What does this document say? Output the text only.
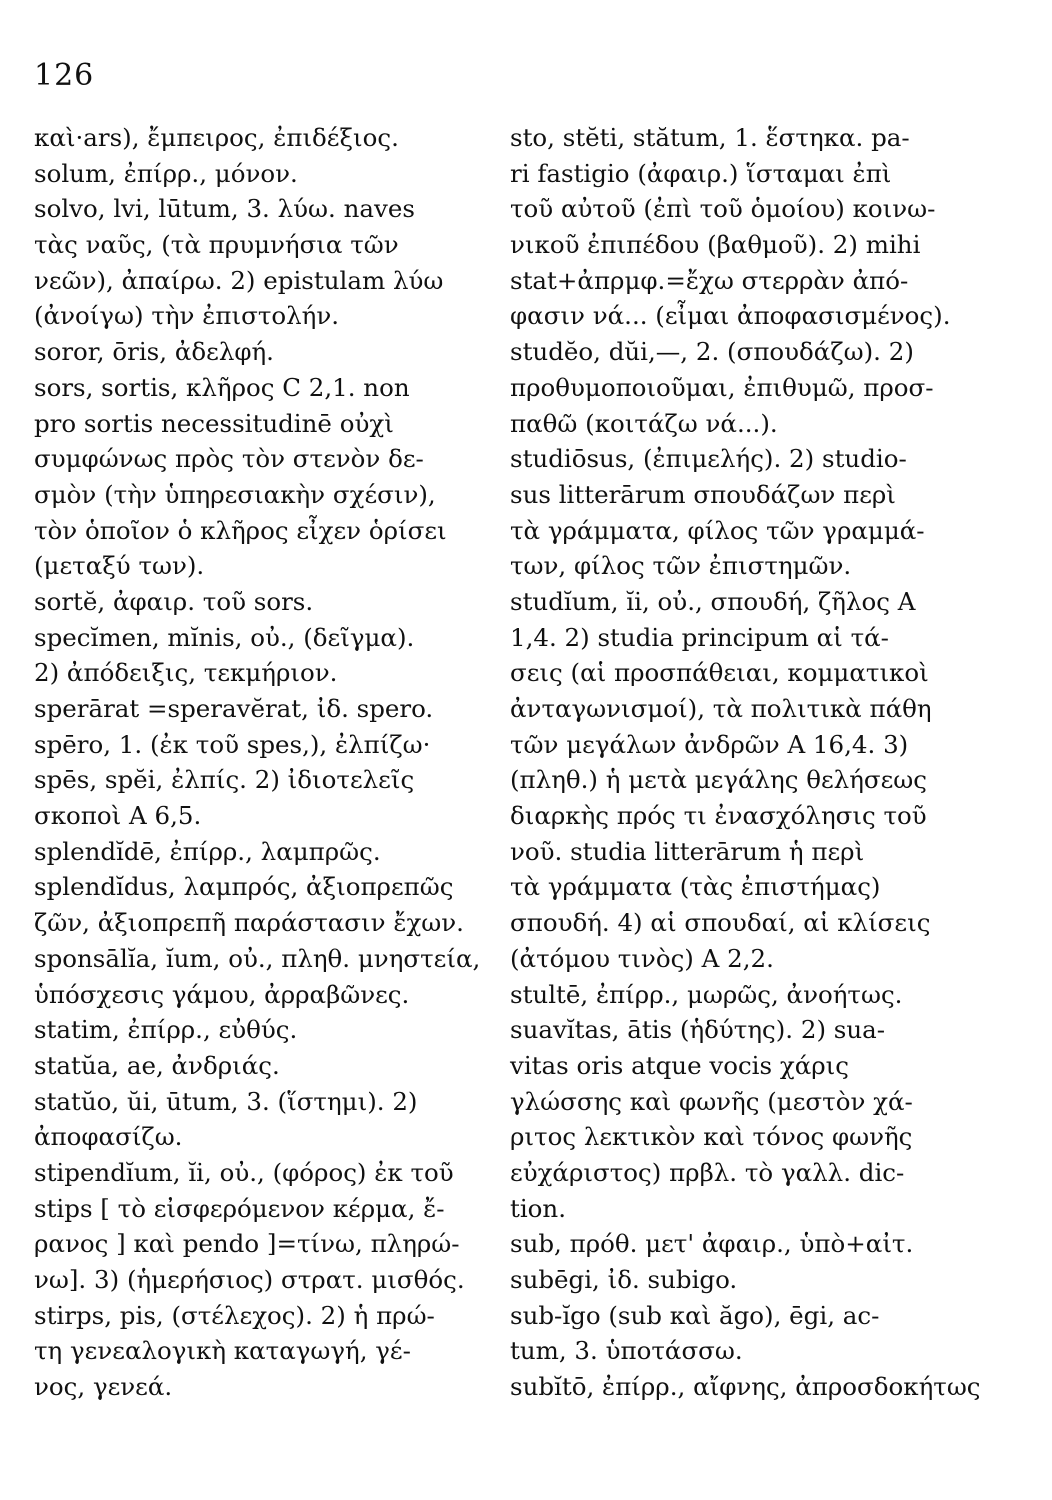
126
καὶ·ars), ἔμπειρος, ἐπιδέξιος.
solum, ἐπίρρ., μόνον.
solvo, lvi, lūtum, 3. λύω. naves
τὰς ναῦς, (τὰ πρυμνήσια τῶν
νεῶν), ἀπαίρω. 2) epistulam λύω
(ἀνοίγω) τὴν ἐπιστολήν.
soror, ōris, ἀδελφή.
sors, sortis, κλῆρος C 2,1. non
pro sortis necessitudinē οὐχὶ
συμφώνως πρὸς τὸν στενὸν δε-
σμὸν (τὴν ὑπηρεσιακὴν σχέσιν),
τὸν ὁποῖον ὁ κλῆρος εἶχεν ὁρίσει
(μεταξύ των).
sortĕ, ἀφαιρ. τοῦ sors.
specĭmen, mĭnis, οὐ., (δεῖγμα).
2) ἀπόδειξις, τεκμήριον.
sperārat =speravĕrat, ἰδ. spero.
spēro, 1. (ἐκ τοῦ spes,), ἐλπίζω·
spēs, spĕi, ἐλπίς. 2) ἰδιοτελεῖς
σκοποὶ A 6,5.
splendĭdē, ἐπίρρ., λαμπρῶς.
splendĭdus, λαμπρός, ἀξιοπρεπῶς
ζῶν, ἀξιοπρεπῆ παράστασιν ἔχων.
sponsālĭa, ĭum, οὐ., πληθ. μνηστεία,
ὑπόσχεσις γάμου, ἀρραβῶνες.
statim, ἐπίρρ., εὐθύς.
statŭa, ae, ἀνδριάς.
statŭo, ŭi, ūtum, 3. (ἵστημι). 2)
ἀποφασίζω.
stipendĭum, ĭi, οὐ., (φόρος) ἐκ τοῦ
stips [ τὸ εἰσφερόμενον κέρμα, ἔ-
ρανος ] καὶ pendo ]=τίνω, πληρώ-
νω]. 3) (ἡμερήσιος) στρατ. μισθός.
stirps, pis, (στέλεχος). 2) ἡ πρώ-
τη γενεαλογικὴ καταγωγή, γέ-
νος, γενεά.
sto, stĕti, stătum, 1. ἕστηκα. pa-
ri fastigio (ἀφαιρ.) ἵσταμαι ἐπὶ
τοῦ αὐτοῦ (ἐπὶ τοῦ ὁμοίου) κοινω-
νικοῦ ἐπιπέδου (βαθμοῦ). 2) mihi
stat+ἀπρμφ.=ἔχω στερρὰν ἀπό-
φασιν νά... (εἶμαι ἀποφασισμένος).
studĕo, dŭi,—, 2. (σπουδάζω). 2)
προθυμοποιοῦμαι, ἐπιθυμῶ, προσ-
παθῶ (κοιτάζω νά...).
studiōsus, (ἐπιμελής). 2) studio-
sus litterārum σπουδάζων περὶ
τὰ γράμματα, φίλος τῶν γραμμά-
των, φίλος τῶν ἐπιστημῶν.
studĭum, ĭi, οὐ., σπουδή, ζῆλος A
1,4. 2) studia principum αἱ τά-
σεις (αἱ προσπάθειαι, κομματικοὶ
ἀνταγωνισμοί), τὰ πολιτικὰ πάθη
τῶν μεγάλων ἀνδρῶν A 16,4. 3)
(πληθ.) ἡ μετὰ μεγάλης θελήσεως
διαρκὴς πρός τι ἐνασχόλησις τοῦ
νοῦ. studia litterārum ἡ περὶ
τὰ γράμματα (τὰς ἐπιστήμας)
σπουδή. 4) αἱ σπουδαί, αἱ κλίσεις
(ἀτόμου τινὸς) A 2,2.
stultē, ἐπίρρ., μωρῶς, ἀνοήτως.
suavĭtas, ātis (ἡδύτης). 2) sua-
vitas oris atque vocis χάρις
γλώσσης καὶ φωνῆς (μεστὸν χά-
ριτος λεκτικὸν καὶ τόνος φωνῆς
εὐχάριστος) πρβλ. τὸ γαλλ. dic-
tion.
sub, πρόθ. μετ' ἀφαιρ., ὑπὸ+αἰτ.
subēgi, ἰδ. subigo.
sub-ĭgo (sub καὶ ăgo), ēgi, ac-
tum, 3. ὑποτάσσω.
subĭtō, ἐπίρρ., αἴφνης, ἀπροσδοκήτως
